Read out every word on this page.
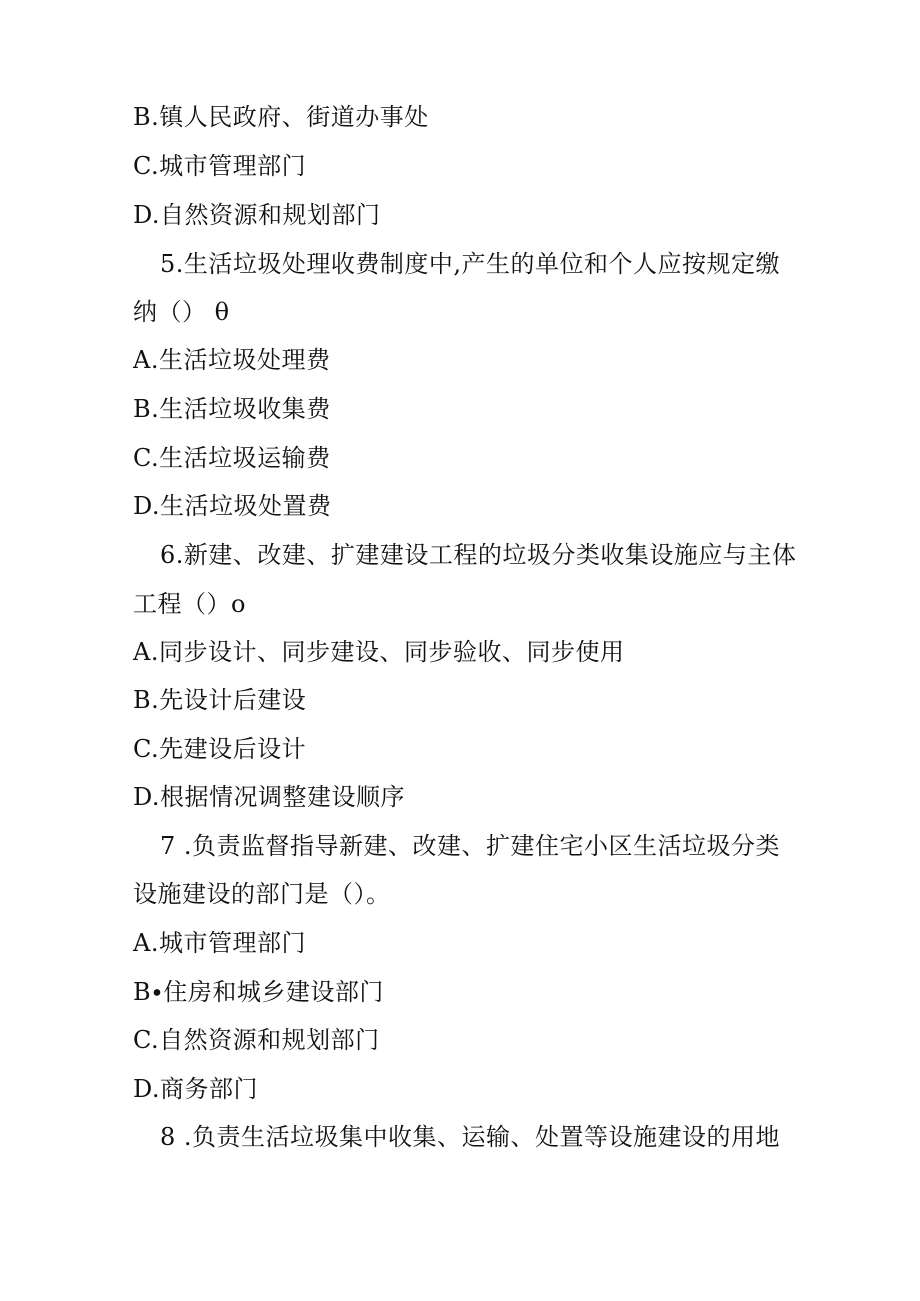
B.镇人民政府、街道办事处
C.城市管理部门
D.自然资源和规划部门
5.生活垃圾处理收费制度中,产生的单位和个人应按规定缴
纳（） θ
A.生活垃圾处理费
B.生活垃圾收集费
C.生活垃圾运输费
D.生活垃圾处置费
6.新建、改建、扩建建设工程的垃圾分类收集设施应与主体
工程（）o
A.同步设计、同步建设、同步验收、同步使用
B.先设计后建设
C.先建设后设计
D.根据情况调整建设顺序
7 .负责监督指导新建、改建、扩建住宅小区生活垃圾分类
设施建设的部门是（）。
A.城市管理部门
B∙住房和城乡建设部门
C.自然资源和规划部门
D.商务部门
8 .负责生活垃圾集中收集、运输、处置等设施建设的用地
